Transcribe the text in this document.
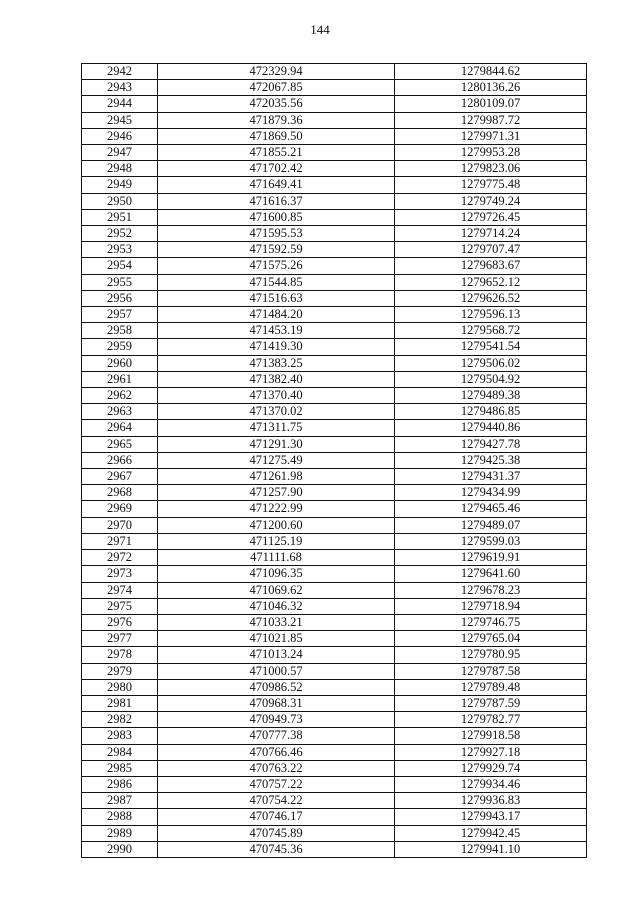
144
2942	472329.94	1279844.62
2943	472067.85	1280136.26
2944	472035.56	1280109.07
2945	471879.36	1279987.72
2946	471869.50	1279971.31
2947	471855.21	1279953.28
2948	471702.42	1279823.06
2949	471649.41	1279775.48
2950	471616.37	1279749.24
2951	471600.85	1279726.45
2952	471595.53	1279714.24
2953	471592.59	1279707.47
2954	471575.26	1279683.67
2955	471544.85	1279652.12
2956	471516.63	1279626.52
2957	471484.20	1279596.13
2958	471453.19	1279568.72
2959	471419.30	1279541.54
2960	471383.25	1279506.02
2961	471382.40	1279504.92
2962	471370.40	1279489.38
2963	471370.02	1279486.85
2964	471311.75	1279440.86
2965	471291.30	1279427.78
2966	471275.49	1279425.38
2967	471261.98	1279431.37
2968	471257.90	1279434.99
2969	471222.99	1279465.46
2970	471200.60	1279489.07
2971	471125.19	1279599.03
2972	471111.68	1279619.91
2973	471096.35	1279641.60
2974	471069.62	1279678.23
2975	471046.32	1279718.94
2976	471033.21	1279746.75
2977	471021.85	1279765.04
2978	471013.24	1279780.95
2979	471000.57	1279787.58
2980	470986.52	1279789.48
2981	470968.31	1279787.59
2982	470949.73	1279782.77
2983	470777.38	1279918.58
2984	470766.46	1279927.18
2985	470763.22	1279929.74
2986	470757.22	1279934.46
2987	470754.22	1279936.83
2988	470746.17	1279943.17
2989	470745.89	1279942.45
2990	470745.36	1279941.10
